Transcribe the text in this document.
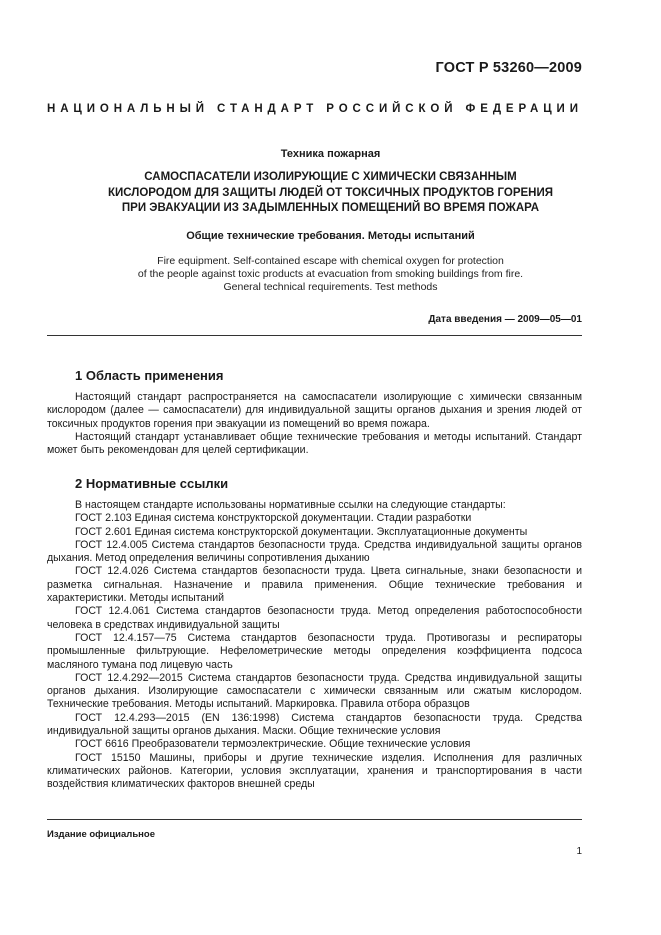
ГОСТ Р 53260—2009
НАЦИОНАЛЬНЫЙ СТАНДАРТ РОССИЙСКОЙ ФЕДЕРАЦИИ
Техника пожарная
САМОСПАСАТЕЛИ ИЗОЛИРУЮЩИЕ С ХИМИЧЕСКИ СВЯЗАННЫМ
КИСЛОРОДОМ ДЛЯ ЗАЩИТЫ ЛЮДЕЙ ОТ ТОКСИЧНЫХ ПРОДУКТОВ ГОРЕНИЯ
ПРИ ЭВАКУАЦИИ ИЗ ЗАДЫМЛЕННЫХ ПОМЕЩЕНИЙ ВО ВРЕМЯ ПОЖАРА
Общие технические требования. Методы испытаний
Fire equipment. Self-contained escape with chemical oxygen for protection
of the people against toxic products at evacuation from smoking buildings from fire.
General technical requirements. Test methods
Дата введения — 2009—05—01
1 Область применения

Настоящий стандарт распространяется на самоспасатели изолирующие с химически связанным кислородом (далее — самоспасатели) для индивидуальной защиты органов дыхания и зрения людей от токсичных продуктов горения при эвакуации из помещений во время пожара.

Настоящий стандарт устанавливает общие технические требования и методы испытаний. Стандарт может быть рекомендован для целей сертификации.

2 Нормативные ссылки

В настоящем стандарте использованы нормативные ссылки на следующие стандарты:

ГОСТ 2.103 Единая система конструкторской документации. Стадии разработки

ГОСТ 2.601 Единая система конструкторской документации. Эксплуатационные документы

ГОСТ 12.4.005 Система стандартов безопасности труда. Средства индивидуальной защиты органов дыхания. Метод определения величины сопротивления дыханию

ГОСТ 12.4.026 Система стандартов безопасности труда. Цвета сигнальные, знаки безопасности и разметка сигнальная. Назначение и правила применения. Общие технические требования и характеристики. Методы испытаний

ГОСТ 12.4.061 Система стандартов безопасности труда. Метод определения работоспособности человека в средствах индивидуальной защиты

ГОСТ 12.4.157—75 Система стандартов безопасности труда. Противогазы и респираторы промышленные фильтрующие. Нефелометрические методы определения коэффициента подсоса масляного тумана под лицевую часть

ГОСТ 12.4.292—2015 Система стандартов безопасности труда. Средства индивидуальной защиты органов дыхания. Изолирующие самоспасатели с химически связанным или сжатым кислородом. Технические требования. Методы испытаний. Маркировка. Правила отбора образцов

ГОСТ 12.4.293—2015 (EN 136:1998) Система стандартов безопасности труда. Средства индивидуальной защиты органов дыхания. Маски. Общие технические условия

ГОСТ 6616 Преобразователи термоэлектрические. Общие технические условия

ГОСТ 15150 Машины, приборы и другие технические изделия. Исполнения для различных климатических районов. Категории, условия эксплуатации, хранения и транспортирования в части воздействия климатических факторов внешней среды

Издание официальное
1
